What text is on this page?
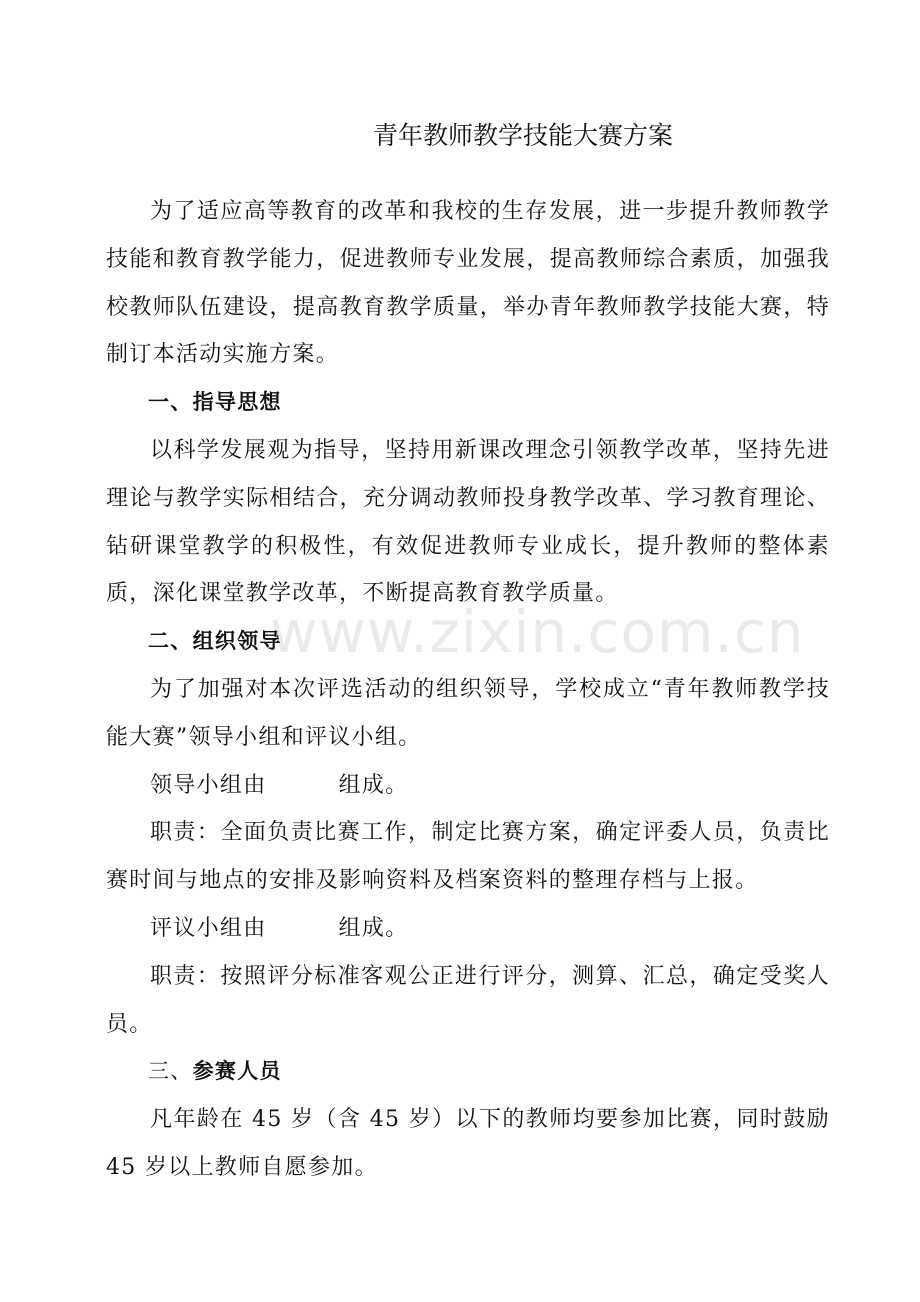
青年教师教学技能大赛方案

为了适应高等教育的改革和我校的生存发展，进一步提升教师教学技能和教育教学能力，促进教师专业发展，提高教师综合素质，加强我校教师队伍建设，提高教育教学质量，举办青年教师教学技能大赛，特制订本活动实施方案。

一、指导思想

以科学发展观为指导，坚持用新课改理念引领教学改革，坚持先进理论与教学实际相结合，充分调动教师投身教学改革、学习教育理论、钻研课堂教学的积极性，有效促进教师专业成长，提升教师的整体素质，深化课堂教学改革，不断提高教育教学质量。

二、组织领导

为了加强对本次评选活动的组织领导，学校成立“青年教师教学技能大赛”领导小组和评议小组。

领导小组由	组成。

职责：全面负责比赛工作，制定比赛方案，确定评委人员，负责比赛时间与地点的安排及影响资料及档案资料的整理存档与上报。

评议小组由	组成。

职责：按照评分标准客观公正进行评分，测算、汇总，确定受奖人员。

三、参赛人员

凡年龄在 45 岁（含 45 岁）以下的教师均要参加比赛，同时鼓励 45 岁以上教师自愿参加。

www.zixin.com.cn
